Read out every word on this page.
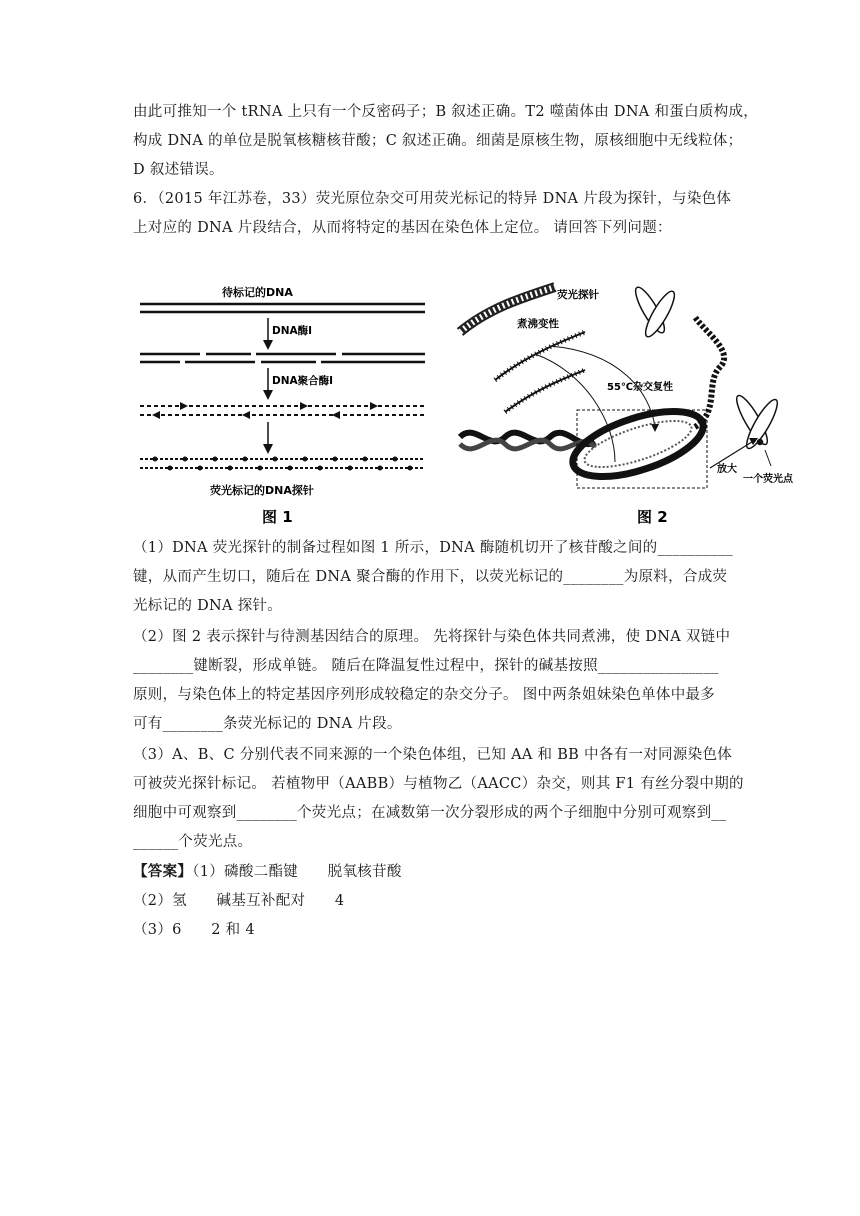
由此可推知一个 tRNA 上只有一个反密码子；B 叙述正确。T2 噬菌体由 DNA 和蛋白质构成，
构成 DNA 的单位是脱氧核糖核苷酸；C 叙述正确。细菌是原核生物，原核细胞中无线粒体；
D 叙述错误。
6．（2015 年江苏卷，33）荧光原位杂交可用荧光标记的特异 DNA 片段为探针，与染色体
上对应的 DNA 片段结合，从而将特定的基因在染色体上定位。 请回答下列问题：
待标记的DNA
DNA酶Ⅰ
DNA聚合酶Ⅰ
荧光标记的DNA探针
图 1
荧光探针
煮沸变性
55℃杂交复性
放大
一个荧光点
图 2
（1）DNA 荧光探针的制备过程如图 1 所示，DNA 酶随机切开了核苷酸之间的__________
键，从而产生切口，随后在 DNA 聚合酶的作用下，以荧光标记的________为原料，合成荧
光标记的 DNA 探针。
（2）图 2 表示探针与待测基因结合的原理。 先将探针与染色体共同煮沸，使 DNA 双链中
________键断裂，形成单链。 随后在降温复性过程中，探针的碱基按照________________
原则，与染色体上的特定基因序列形成较稳定的杂交分子。 图中两条姐妹染色单体中最多
可有________条荧光标记的 DNA 片段。
（3）A、B、C 分别代表不同来源的一个染色体组，已知 AA 和 BB 中各有一对同源染色体
可被荧光探针标记。 若植物甲（AABB）与植物乙（AACC）杂交，则其 F1 有丝分裂中期的
细胞中可观察到________个荧光点；在减数第一次分裂形成的两个子细胞中分别可观察到__
______个荧光点。
【答案】（1）磷酸二酯键　　脱氧核苷酸
（2）氢　　碱基互补配对　　4
（3）6　　2 和 4
